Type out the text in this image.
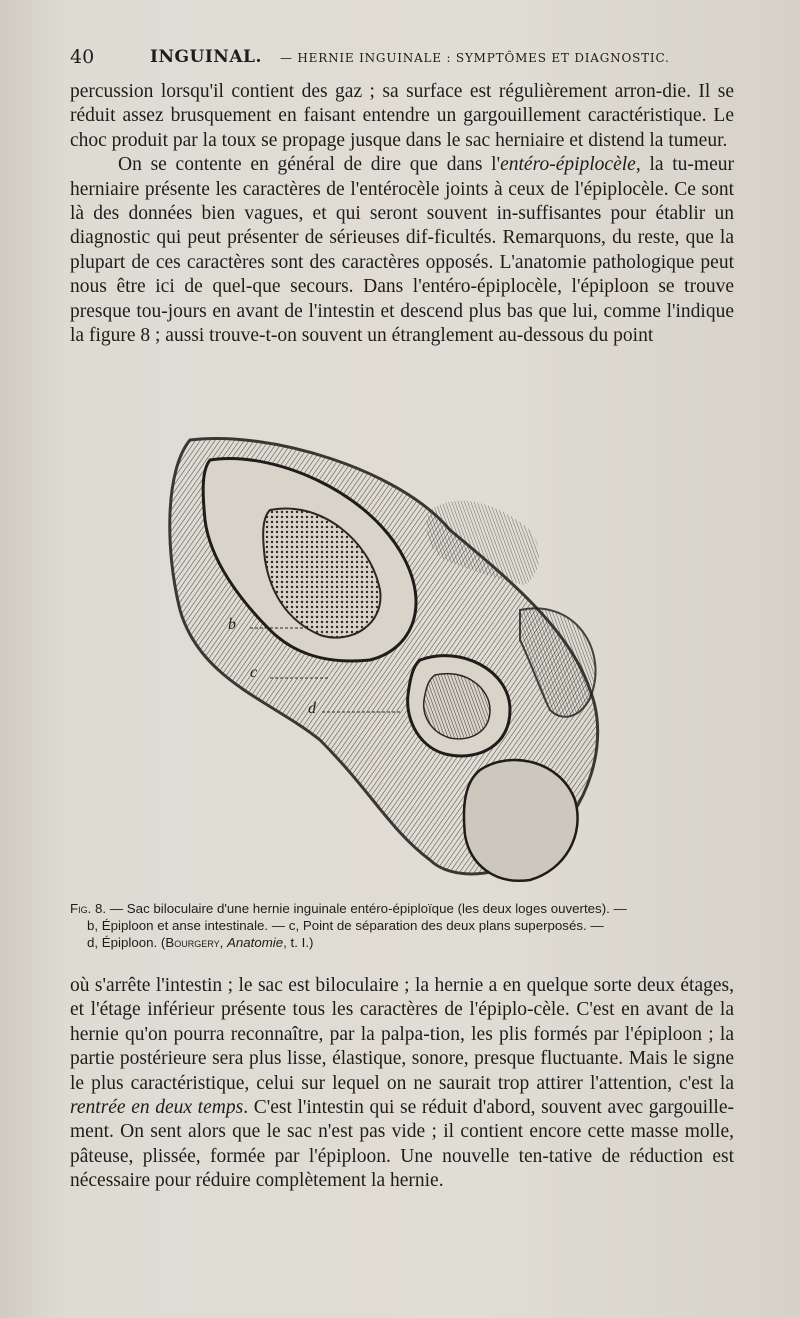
40	INGUINAL. — HERNIE INGUINALE : SYMPTÔMES ET DIAGNOSTIC.

percussion lorsqu'il contient des gaz ; sa surface est régulièrement arron-die. Il se réduit assez brusquement en faisant entendre un gargouillement caractéristique. Le choc produit par la toux se propage jusque dans le sac herniaire et distend la tumeur.

On se contente en général de dire que dans l'entéro-épiplocèle, la tu-meur herniaire présente les caractères de l'entérocèle joints à ceux de l'épiplocèle. Ce sont là des données bien vagues, et qui seront souvent in-suffisantes pour établir un diagnostic qui peut présenter de sérieuses dif-ficultés. Remarquons, du reste, que la plupart de ces caractères sont des caractères opposés. L'anatomie pathologique peut nous être ici de quel-que secours. Dans l'entéro-épiplocèle, l'épiploon se trouve presque tou-jours en avant de l'intestin et descend plus bas que lui, comme l'indique la figure 8 ; aussi trouve-t-on souvent un étranglement au-dessous du point

b
c
d

Fig. 8. — Sac biloculaire d'une hernie inguinale entéro-épiploïque (les deux loges ouvertes). —

b, Épiploon et anse intestinale. — c, Point de séparation des deux plans superposés. —

d, Épiploon. (Bourgery, Anatomie, t. I.)

où s'arrête l'intestin ; le sac est biloculaire ; la hernie a en quelque sorte deux étages, et l'étage inférieur présente tous les caractères de l'épiplo-cèle. C'est en avant de la hernie qu'on pourra reconnaître, par la palpa-tion, les plis formés par l'épiploon ; la partie postérieure sera plus lisse, élastique, sonore, presque fluctuante. Mais le signe le plus caractéristique, celui sur lequel on ne saurait trop attirer l'attention, c'est la rentrée en deux temps. C'est l'intestin qui se réduit d'abord, souvent avec gargouille-ment. On sent alors que le sac n'est pas vide ; il contient encore cette masse molle, pâteuse, plissée, formée par l'épiploon. Une nouvelle ten-tative de réduction est nécessaire pour réduire complètement la hernie.
